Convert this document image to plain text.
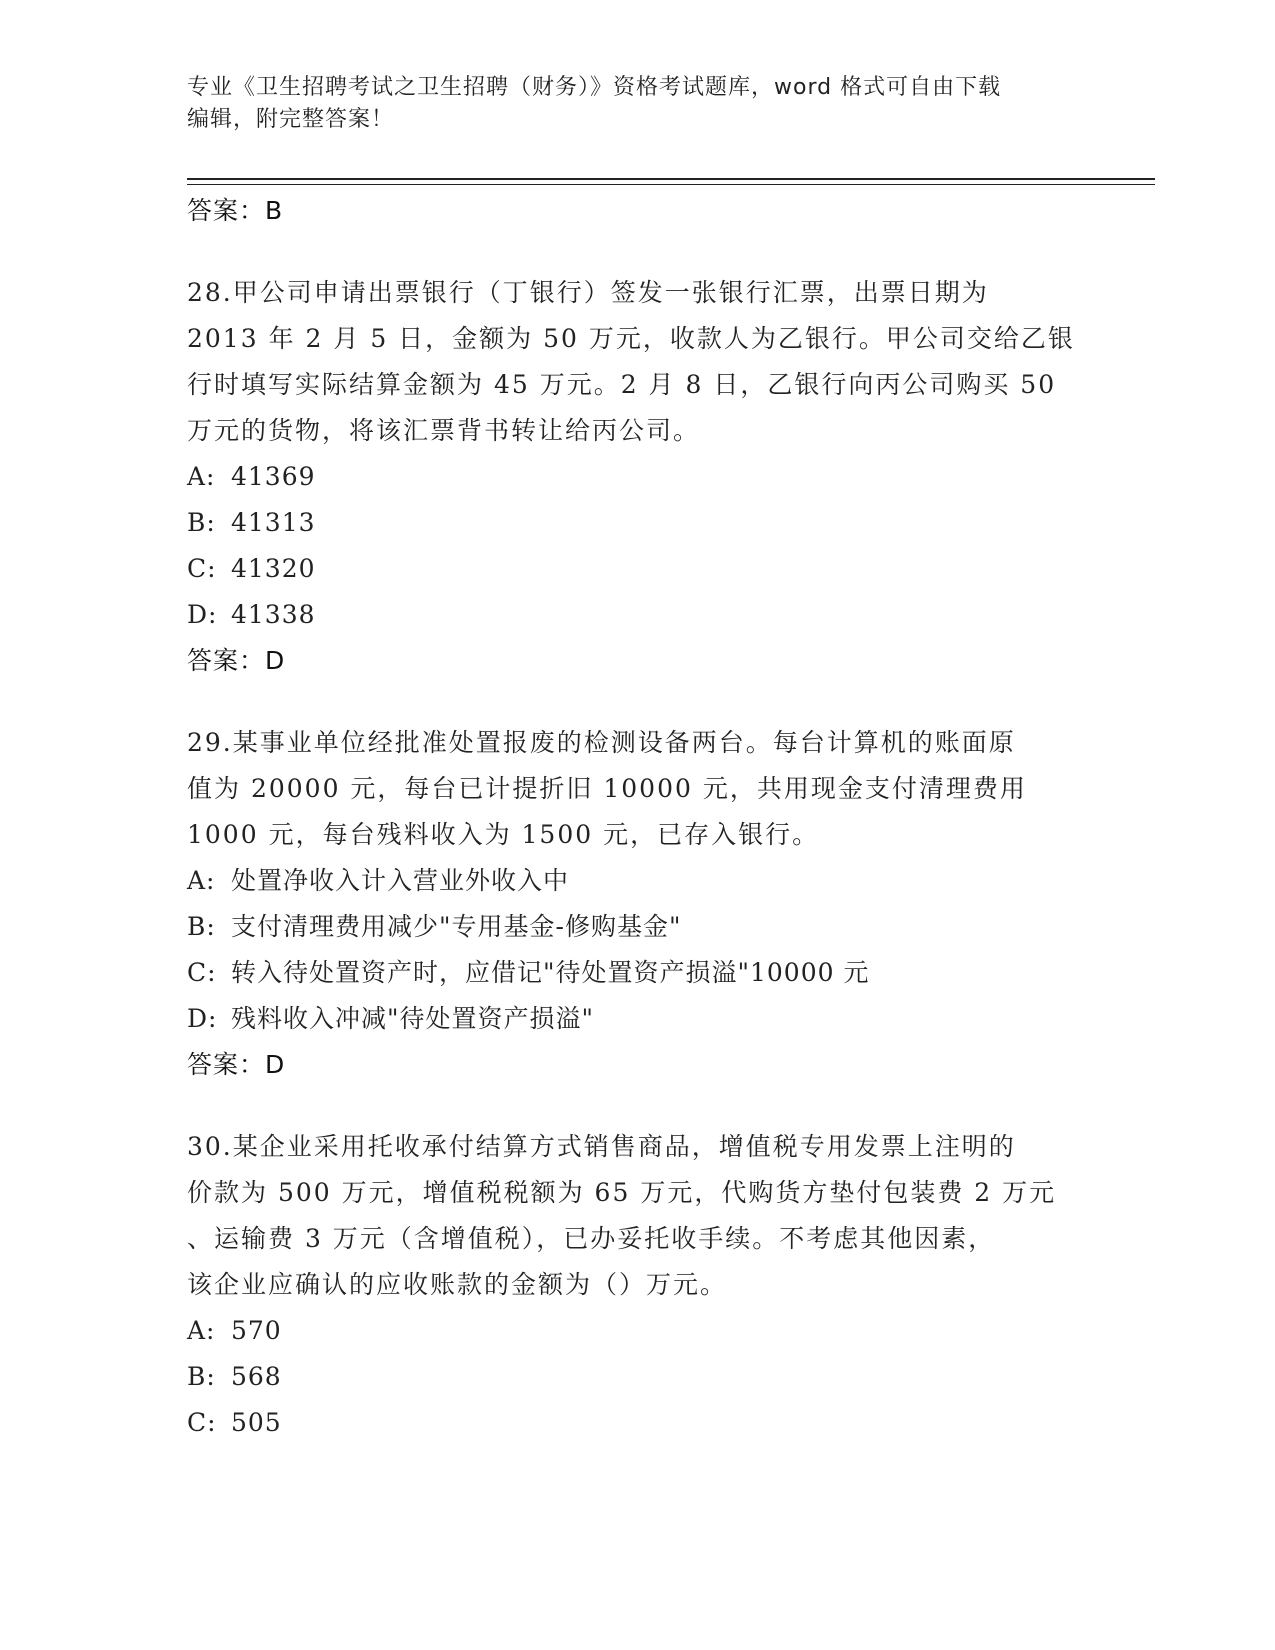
专业《卫生招聘考试之卫生招聘（财务）》资格考试题库，word 格式可自由下载
编辑，附完整答案！
答案：B
28.甲公司申请出票银行（丁银行）签发一张银行汇票，出票日期为
2013 年 2 月 5 日，金额为 50 万元，收款人为乙银行。甲公司交给乙银
行时填写实际结算金额为 45 万元。2 月 8 日，乙银行向丙公司购买 50
万元的货物，将该汇票背书转让给丙公司。
A: 41369
B: 41313
C: 41320
D: 41338
答案：D
29.某事业单位经批准处置报废的检测设备两台。每台计算机的账面原
值为 20000 元，每台已计提折旧 10000 元，共用现金支付清理费用
1000 元，每台残料收入为 1500 元，已存入银行。
A: 处置净收入计入营业外收入中
B: 支付清理费用减少"专用基金-修购基金"
C: 转入待处置资产时，应借记"待处置资产损溢"10000 元
D: 残料收入冲减"待处置资产损溢"
答案：D
30.某企业采用托收承付结算方式销售商品，增值税专用发票上注明的
价款为 500 万元，增值税税额为 65 万元，代购货方垫付包装费 2 万元
、运输费 3 万元（含增值税），已办妥托收手续。不考虑其他因素，
该企业应确认的应收账款的金额为（）万元。
A: 570
B: 568
C: 505
